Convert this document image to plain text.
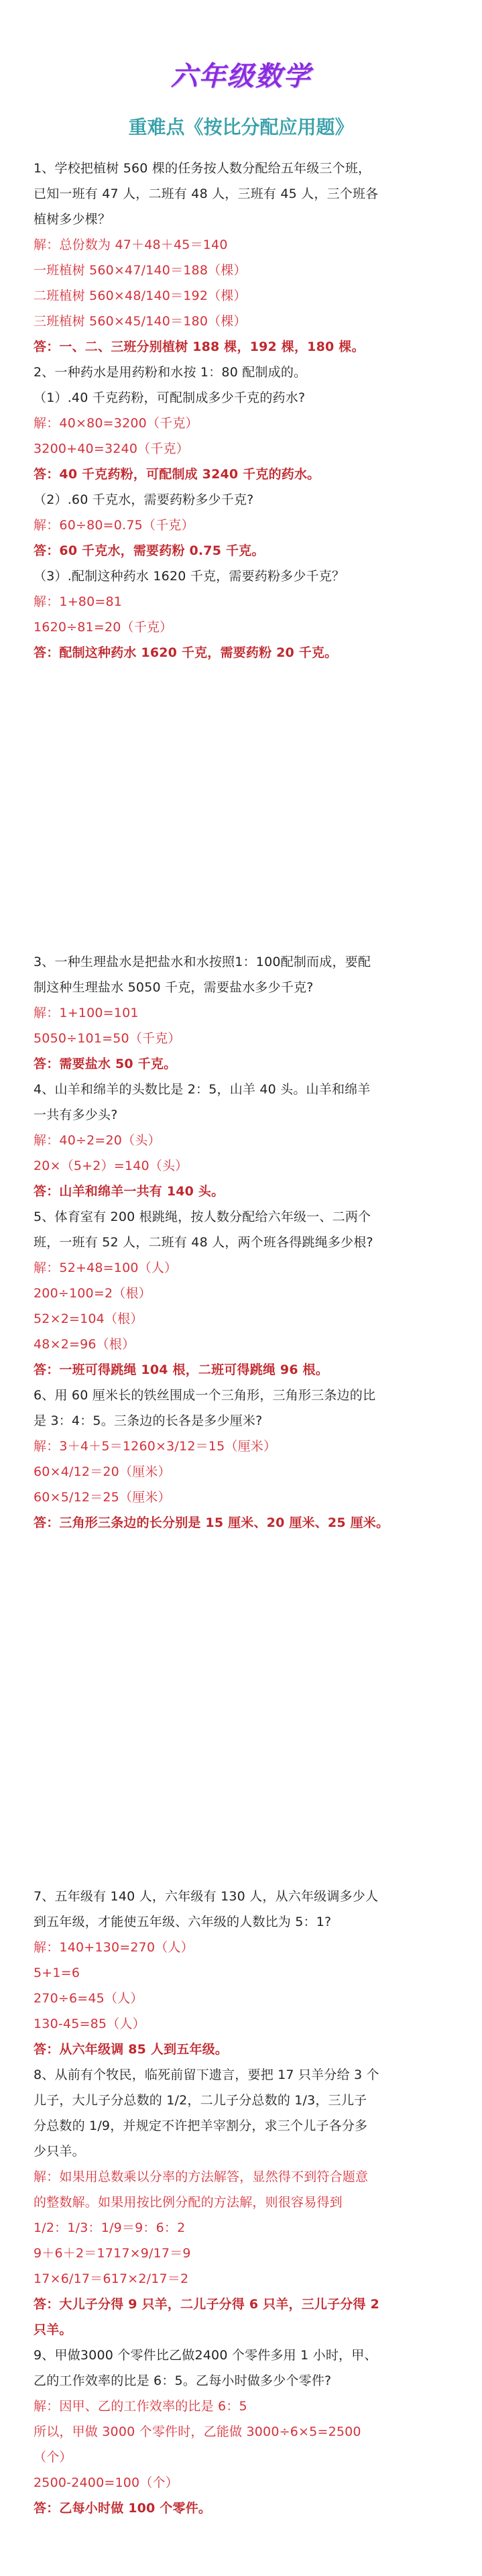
六年级数学
重难点《按比分配应用题》
1、学校把植树 560 棵的任务按人数分配给五年级三个班，
已知一班有 47 人，二班有 48 人，三班有 45 人，三个班各
植树多少棵？
解：总份数为 47＋48＋45＝140
一班植树 560×47/140＝188（棵）
二班植树 560×48/140＝192（棵）
三班植树 560×45/140＝180（棵）
答：一、二、三班分别植树 188 棵，192 棵，180 棵。
2、一种药水是用药粉和水按 1：80 配制成的。
（1）.40 千克药粉，可配制成多少千克的药水?
解：40×80=3200（千克）
3200+40=3240（千克）
答：40 千克药粉，可配制成 3240 千克的药水。
（2）.60 千克水，需要药粉多少千克?
解：60÷80=0.75（千克）
答：60 千克水，需要药粉 0.75 千克。
（3）.配制这种药水 1620 千克，需要药粉多少千克？
解：1+80=81
1620÷81=20（千克）
答：配制这种药水 1620 千克，需要药粉 20 千克。
3、一种生理盐水是把盐水和水按照1：100配制而成，要配
制这种生理盐水 5050 千克，需要盐水多少千克?
解：1+100=101
5050÷101=50（千克）
答：需要盐水 50 千克。
4、山羊和绵羊的头数比是 2：5，山羊 40 头。山羊和绵羊
一共有多少头?
解：40÷2=20（头）
20×（5+2）=140（头）
答：山羊和绵羊一共有 140 头。
5、体育室有 200 根跳绳，按人数分配给六年级一、二两个
班，一班有 52 人，二班有 48 人，两个班各得跳绳多少根?
解：52+48=100（人）
200÷100=2（根）
52×2=104（根）
48×2=96（根）
答：一班可得跳绳 104 根，二班可得跳绳 96 根。
6、用 60 厘米长的铁丝围成一个三角形，三角形三条边的比
是 3：4：5。三条边的长各是多少厘米?
解：3＋4＋5＝1260×3/12＝15（厘米）
60×4/12＝20（厘米）
60×5/12＝25（厘米）
答：三角形三条边的长分别是 15 厘米、20 厘米、25 厘米。
7、五年级有 140 人，六年级有 130 人，从六年级调多少人
到五年级，才能使五年级、六年级的人数比为 5：1?
解：140+130=270（人）
5+1=6
270÷6=45（人）
130-45=85（人）
答：从六年级调 85 人到五年级。
8、从前有个牧民，临死前留下遗言，要把 17 只羊分给 3 个
儿子，大儿子分总数的 1/2，二儿子分总数的 1/3，三儿子
分总数的 1/9，并规定不许把羊宰割分，求三个儿子各分多
少只羊。
解：如果用总数乘以分率的方法解答，显然得不到符合题意
的整数解。如果用按比例分配的方法解，则很容易得到
1/2：1/3：1/9＝9：6：2
9＋6＋2＝1717×9/17＝9
17×6/17＝617×2/17＝2
答：大儿子分得 9 只羊，二儿子分得 6 只羊，三儿子分得 2
只羊。
9、甲做3000 个零件比乙做2400 个零件多用 1 小时，甲、
乙的工作效率的比是 6：5。乙每小时做多少个零件?
解：因甲、乙的工作效率的比是 6：5
所以，甲做 3000 个零件时，乙能做 3000÷6×5=2500
（个）
2500-2400=100（个）
答：乙每小时做 100 个零件。
